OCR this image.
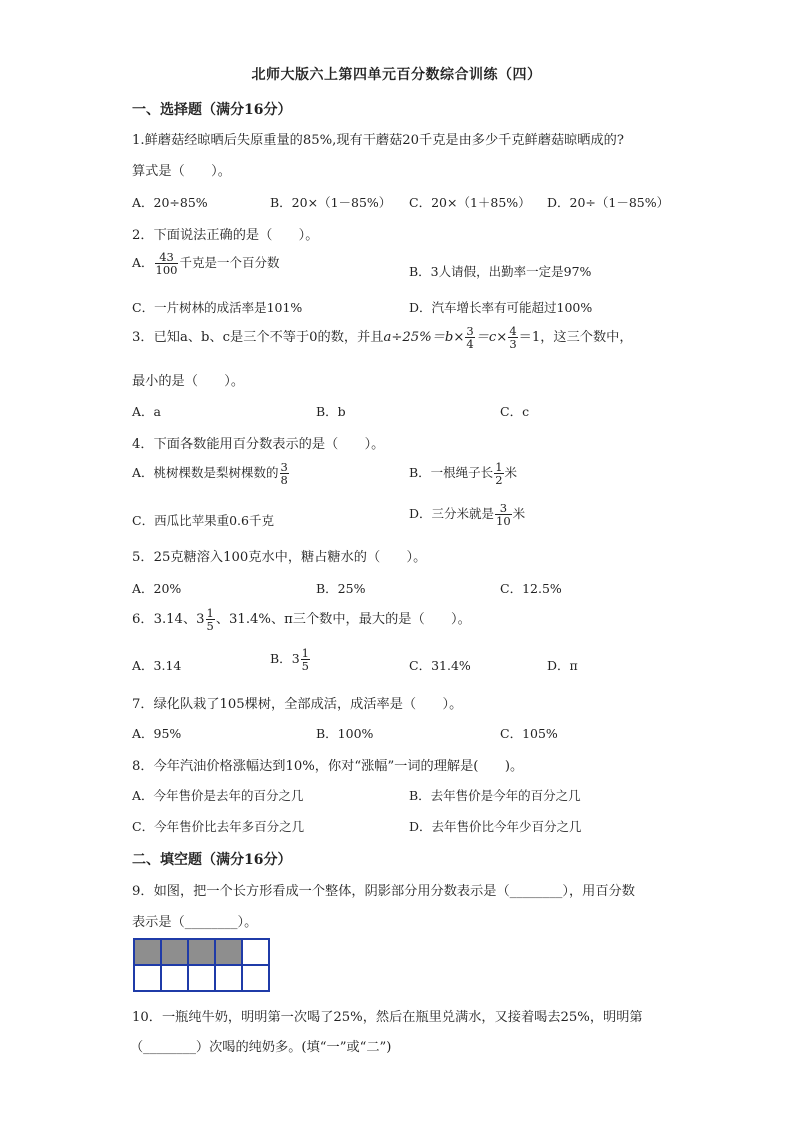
北师大版六上第四单元百分数综合训练（四）
一、选择题（满分16分）
1.鲜蘑菇经晾晒后失原重量的85%,现有干蘑菇20千克是由多少千克鲜蘑菇晾晒成的?
算式是（　　）。
A．20÷85%	B．20×（1－85%） C．20×（1＋85%） D．20÷（1－85%）
2．下面说法正确的是（　　）。
A． $\frac{43}{100}$ 千克是一个百分数
B．3人请假，出勤率一定是97%
C．一片树林的成活率是101%	D．汽车增长率有可能超过100%
3．已知a、b、c是三个不等于0的数，并且$a\div 25\%=b\times \frac{3}{4} =c\times \frac{4}{3} =1$，这三个数中，
最小的是（　　）。
A．a	B．b	C．c
4．下面各数能用百分数表示的是（　　）。
A．桃树棵数是梨树棵数的 $\frac{3}{8}$	B．一根绳子长 $\frac{1}{2}$ 米
C．西瓜比苹果重0.6千克	D．三分米就是 $\frac{3}{10}$ 米
5．25克糖溶入100克水中，糖占糖水的（　　）。
A．20%	B．25%	C．12.5%
6．3.14、$3 \frac{1}{5}$ 、31.4%、π三个数中，最大的是（　　）。
A．3.14	B．$3 \frac{1}{5}$	C．31.4%	D．π
7．绿化队栽了105棵树，全部成活，成活率是（　　）。
A．95%	B．100%	C．105%
8．今年汽油价格涨幅达到10%，你对“涨幅”一词的理解是(　　)。
A．今年售价是去年的百分之几	B．去年售价是今年的百分之几
C．今年售价比去年多百分之几	D．去年售价比今年少百分之几
二、填空题（满分16分）
9．如图，把一个长方形看成一个整体，阴影部分用分数表示是（________），用百分数
表示是（________）。
10．一瓶纯牛奶，明明第一次喝了25%，然后在瓶里兑满水，又接着喝去25%，明明第
（________）次喝的纯奶多。(填“一”或“二”)
